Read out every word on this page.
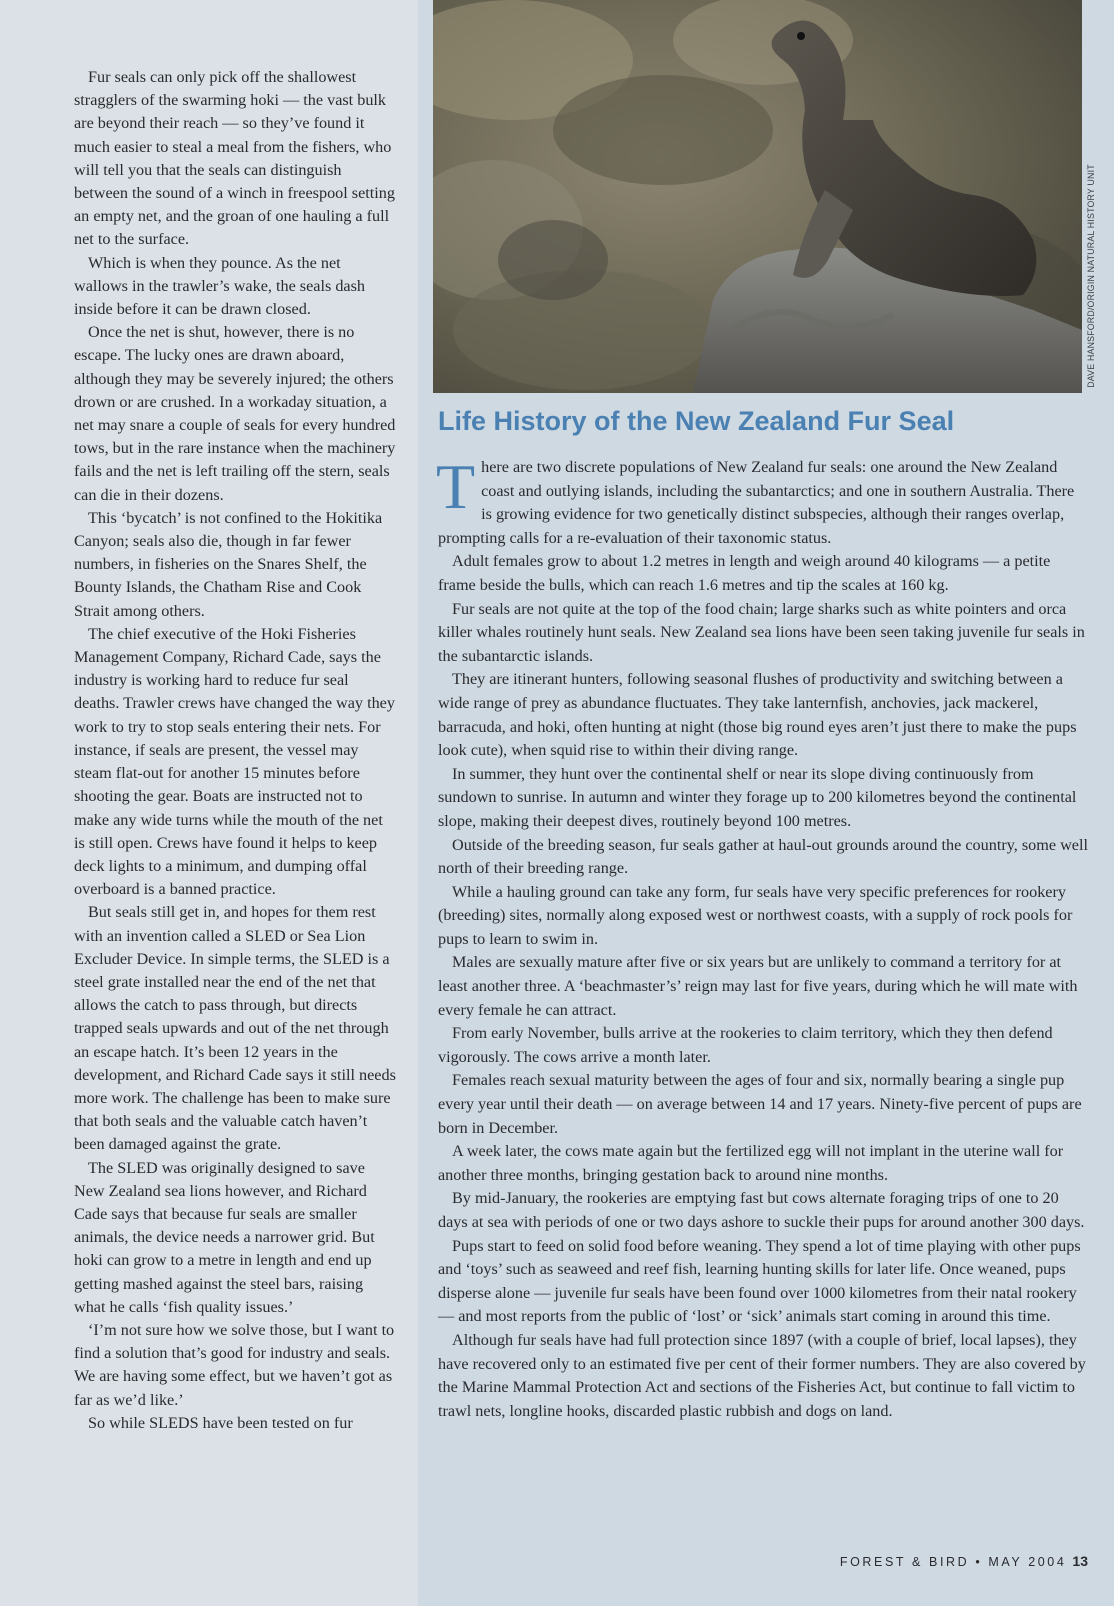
Fur seals can only pick off the shallowest stragglers of the swarming hoki — the vast bulk are beyond their reach — so they’ve found it much easier to steal a meal from the fishers, who will tell you that the seals can distinguish between the sound of a winch in freespool setting an empty net, and the groan of one hauling a full net to the surface.

Which is when they pounce. As the net wallows in the trawler’s wake, the seals dash inside before it can be drawn closed.

Once the net is shut, however, there is no escape. The lucky ones are drawn aboard, although they may be severely injured; the others drown or are crushed. In a workaday situation, a net may snare a couple of seals for every hundred tows, but in the rare instance when the machinery fails and the net is left trailing off the stern, seals can die in their dozens.

This ‘bycatch’ is not confined to the Hokitika Canyon; seals also die, though in far fewer numbers, in fisheries on the Snares Shelf, the Bounty Islands, the Chatham Rise and Cook Strait among others.

The chief executive of the Hoki Fisheries Management Company, Richard Cade, says the industry is working hard to reduce fur seal deaths. Trawler crews have changed the way they work to try to stop seals entering their nets. For instance, if seals are present, the vessel may steam flat-out for another 15 minutes before shooting the gear. Boats are instructed not to make any wide turns while the mouth of the net is still open. Crews have found it helps to keep deck lights to a minimum, and dumping offal overboard is a banned practice.

But seals still get in, and hopes for them rest with an invention called a SLED or Sea Lion Excluder Device. In simple terms, the SLED is a steel grate installed near the end of the net that allows the catch to pass through, but directs trapped seals upwards and out of the net through an escape hatch. It’s been 12 years in the development, and Richard Cade says it still needs more work. The challenge has been to make sure that both seals and the valuable catch haven’t been damaged against the grate.

The SLED was originally designed to save New Zealand sea lions however, and Richard Cade says that because fur seals are smaller animals, the device needs a narrower grid. But hoki can grow to a metre in length and end up getting mashed against the steel bars, raising what he calls ‘fish quality issues.’

‘I’m not sure how we solve those, but I want to find a solution that’s good for industry and seals. We are having some effect, but we haven’t got as far as we’d like.’

So while SLEDS have been tested on fur

DAVE HANSFORD/ORIGIN NATURAL HISTORY UNIT
Life History of the New Zealand Fur Seal

There are two discrete populations of New Zealand fur seals: one around the New Zealand coast and outlying islands, including the subantarctics; and one in southern Australia. There is growing evidence for two genetically distinct subspecies, although their ranges overlap, prompting calls for a re-evaluation of their taxonomic status.

Adult females grow to about 1.2 metres in length and weigh around 40 kilograms — a petite frame beside the bulls, which can reach 1.6 metres and tip the scales at 160 kg.

Fur seals are not quite at the top of the food chain; large sharks such as white pointers and orca killer whales routinely hunt seals. New Zealand sea lions have been seen taking juvenile fur seals in the subantarctic islands.

They are itinerant hunters, following seasonal flushes of productivity and switching between a wide range of prey as abundance fluctuates. They take lanternfish, anchovies, jack mackerel, barracuda, and hoki, often hunting at night (those big round eyes aren’t just there to make the pups look cute), when squid rise to within their diving range.

In summer, they hunt over the continental shelf or near its slope diving continuously from sundown to sunrise. In autumn and winter they forage up to 200 kilometres beyond the continental slope, making their deepest dives, routinely beyond 100 metres.

Outside of the breeding season, fur seals gather at haul-out grounds around the country, some well north of their breeding range.

While a hauling ground can take any form, fur seals have very specific preferences for rookery (breeding) sites, normally along exposed west or northwest coasts, with a supply of rock pools for pups to learn to swim in.

Males are sexually mature after five or six years but are unlikely to command a territory for at least another three. A ‘beachmaster’s’ reign may last for five years, during which he will mate with every female he can attract.

From early November, bulls arrive at the rookeries to claim territory, which they then defend vigorously. The cows arrive a month later.

Females reach sexual maturity between the ages of four and six, normally bearing a single pup every year until their death — on average between 14 and 17 years. Ninety-five percent of pups are born in December.

A week later, the cows mate again but the fertilized egg will not implant in the uterine wall for another three months, bringing gestation back to around nine months.

By mid-January, the rookeries are emptying fast but cows alternate foraging trips of one to 20 days at sea with periods of one or two days ashore to suckle their pups for around another 300 days.

Pups start to feed on solid food before weaning. They spend a lot of time playing with other pups and ‘toys’ such as seaweed and reef fish, learning hunting skills for later life. Once weaned, pups disperse alone — juvenile fur seals have been found over 1000 kilometres from their natal rookery — and most reports from the public of ‘lost’ or ‘sick’ animals start coming in around this time.

Although fur seals have had full protection since 1897 (with a couple of brief, local lapses), they have recovered only to an estimated five per cent of their former numbers. They are also covered by the Marine Mammal Protection Act and sections of the Fisheries Act, but continue to fall victim to trawl nets, longline hooks, discarded plastic rubbish and dogs on land.

FOREST & BIRD • MAY 2004 13
